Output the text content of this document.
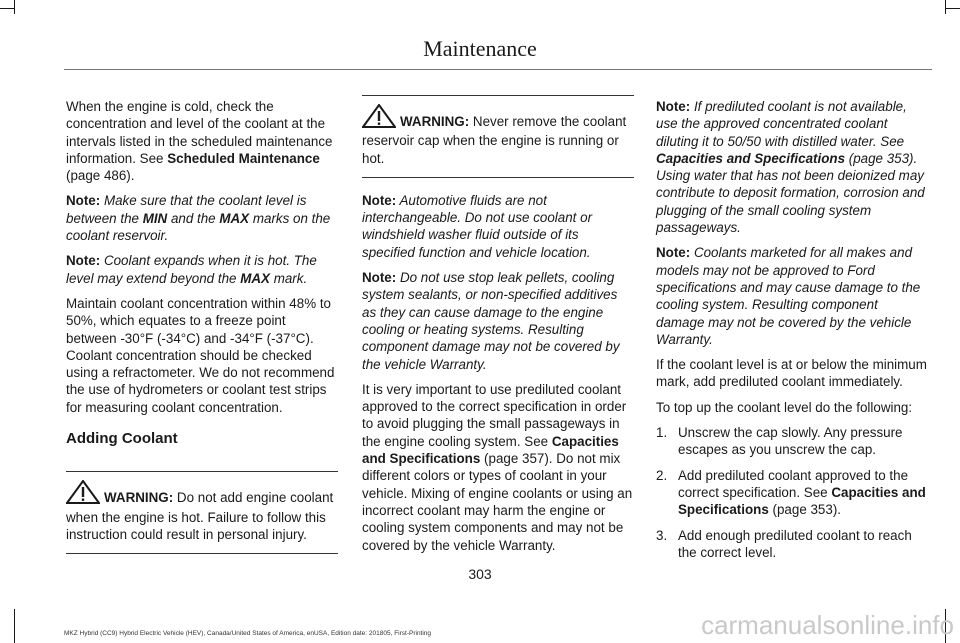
Maintenance

When the engine is cold, check the concentration and level of the coolant at the intervals listed in the scheduled maintenance information. See Scheduled Maintenance (page 486).

Note: Make sure that the coolant level is between the MIN and the MAX marks on the coolant reservoir.

Note: Coolant expands when it is hot. The level may extend beyond the MAX mark.

Maintain coolant concentration within 48% to 50%, which equates to a freeze point between -30°F (-34°C) and -34°F (-37°C). Coolant concentration should be checked using a refractometer. We do not recommend the use of hydrometers or coolant test strips for measuring coolant concentration.

Adding Coolant
WARNING: Do not add engine coolant when the engine is hot. Failure to follow this instruction could result in personal injury.
WARNING: Never remove the coolant reservoir cap when the engine is running or hot.

Note: Automotive fluids are not interchangeable. Do not use coolant or windshield washer fluid outside of its specified function and vehicle location.

Note: Do not use stop leak pellets, cooling system sealants, or non-specified additives as they can cause damage to the engine cooling or heating systems. Resulting component damage may not be covered by the vehicle Warranty.

It is very important to use prediluted coolant approved to the correct specification in order to avoid plugging the small passageways in the engine cooling system. See Capacities and Specifications (page 357). Do not mix different colors or types of coolant in your vehicle. Mixing of engine coolants or using an incorrect coolant may harm the engine or cooling system components and may not be covered by the vehicle Warranty.

Note: If prediluted coolant is not available, use the approved concentrated coolant diluting it to 50/50 with distilled water. See Capacities and Specifications (page 353). Using water that has not been deionized may contribute to deposit formation, corrosion and plugging of the small cooling system passageways.

Note: Coolants marketed for all makes and models may not be approved to Ford specifications and may cause damage to the cooling system. Resulting component damage may not be covered by the vehicle Warranty.

If the coolant level is at or below the minimum mark, add prediluted coolant immediately.

To top up the coolant level do the following:

1. Unscrew the cap slowly. Any pressure escapes as you unscrew the cap.
2. Add prediluted coolant approved to the correct specification. See Capacities and Specifications (page 353).
3. Add enough prediluted coolant to reach the correct level.
303
MKZ Hybrid (CC9) Hybrid Electric Vehicle (HEV), Canada/United States of America, enUSA, Edition date: 201805, First-Printing	carmanualsonline.info
